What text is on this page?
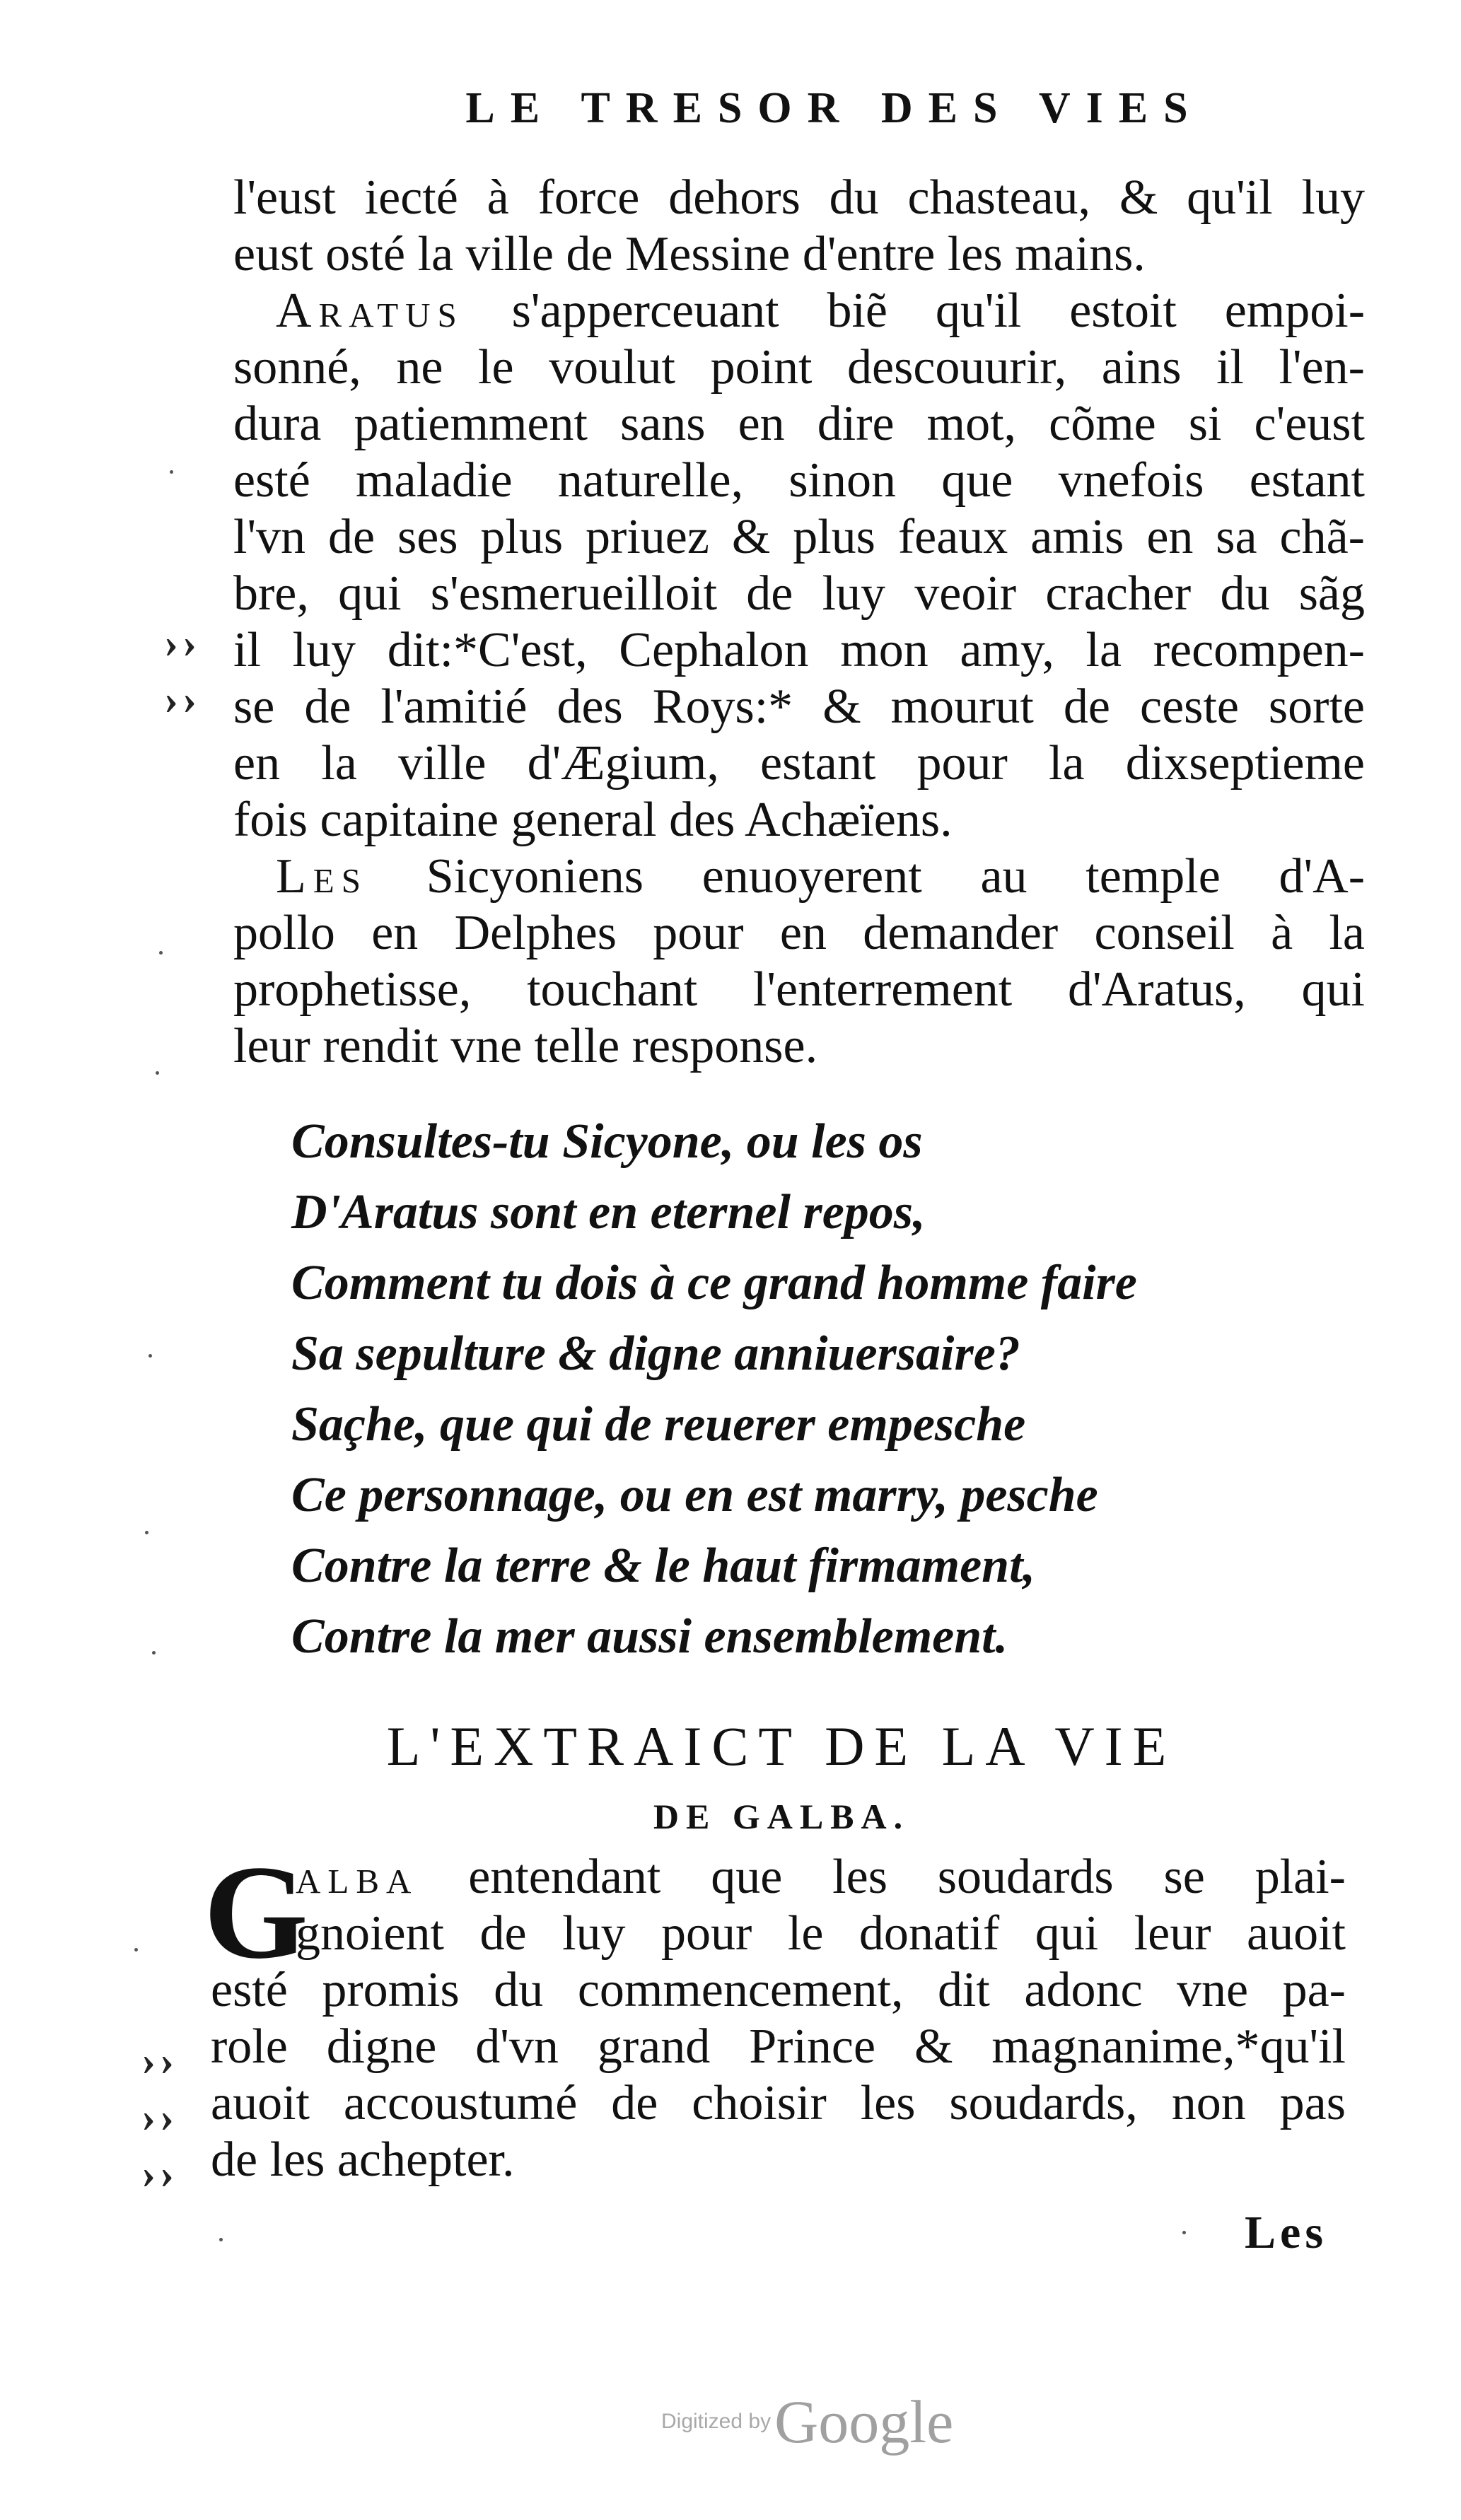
LE TRESOR DES VIES
l'eust iecté à force dehors du chasteau, & qu'il luy
eust osté la ville de Messine d'entre les mains.
Aratus s'apperceuant biẽ qu'il estoit empoi-
sonné, ne le voulut point descouurir, ains il l'en-
dura patiemment sans en dire mot, cõme si c'eust
esté maladie naturelle, sinon que vnefois estant
l'vn de ses plus priuez & plus feaux amis en sa chã-
bre, qui s'esmerueilloit de luy veoir cracher du sãg
il luy dit:*C'est, Cephalon mon amy, la recompen-
se de l'amitié des Roys:* & mourut de ceste sorte
en la ville d'Ægium, estant pour la dixseptieme
fois capitaine general des Achæïens.
Les Sicyoniens enuoyerent au temple d'A-
pollo en Delphes pour en demander conseil à la
prophetisse, touchant l'enterrement d'Aratus, qui
leur rendit vne telle response.
Consultes-tu Sicyone, ou les os
D'Aratus sont en eternel repos,
Comment tu dois à ce grand homme faire
Sa sepulture & digne anniuersaire?
Saçhe, que qui de reuerer empesche
Ce personnage, ou en est marry, pesche
Contre la terre & le haut firmament,
Contre la mer aussi ensemblement.
L'EXTRAICT DE LA VIE
DE GALBA.
G
alba entendant que les soudards se plai-
gnoient de luy pour le donatif qui leur auoit
esté promis du commencement, dit adonc vne pa-
role digne d'vn grand Prince & magnanime,*qu'il
auoit accoustumé de choisir les soudards, non pas
de les achepter.
››
››
››
››
››
Les
Digitized by Google
